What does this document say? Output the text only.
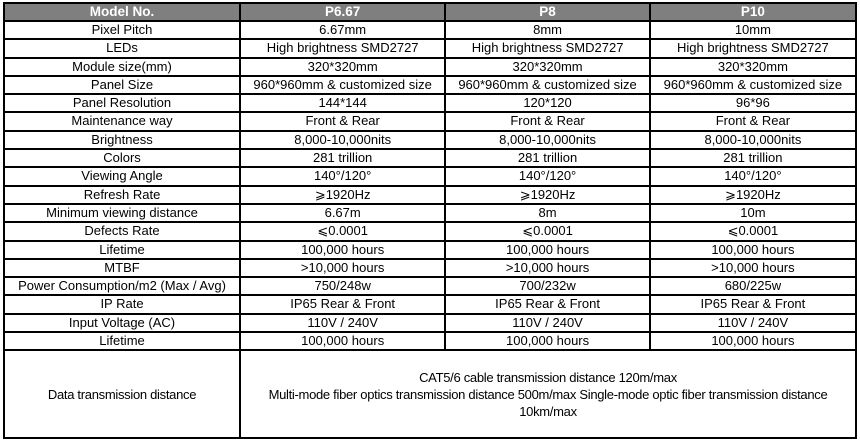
Model No.	P6.67	P8	P10
Pixel Pitch	6.67mm	8mm	10mm
LEDs	High brightness SMD2727	High brightness SMD2727	High brightness SMD2727
Module size(mm)	320*320mm	320*320mm	320*320mm
Panel Size	960*960mm & customized size	960*960mm & customized size	960*960mm & customized size
Panel Resolution	144*144	120*120	96*96
Maintenance way	Front & Rear	Front & Rear	Front & Rear
Brightness	8,000-10,000nits	8,000-10,000nits	8,000-10,000nits
Colors	281 trillion	281 trillion	281 trillion
Viewing Angle	140°/120°	140°/120°	140°/120°
Refresh Rate	⩾1920Hz	⩾1920Hz	⩾1920Hz
Minimum viewing distance	6.67m	8m	10m
Defects Rate	⩽0.0001	⩽0.0001	⩽0.0001
Lifetime	100,000 hours	100,000 hours	100,000 hours
MTBF	>10,000 hours	>10,000 hours	>10,000 hours
Power Consumption/m2 (Max / Avg)	750/248w	700/232w	680/225w
IP Rate	IP65 Rear & Front	IP65 Rear & Front	IP65 Rear & Front
Input Voltage (AC)	110V / 240V	110V / 240V	110V / 240V
Lifetime	100,000 hours	100,000 hours	100,000 hours
Data transmission distance	CAT5/6 cable transmission distance 120m/max
Multi-mode fiber optics transmission distance 500m/max Single-mode optic fiber transmission distance 10km/max		
